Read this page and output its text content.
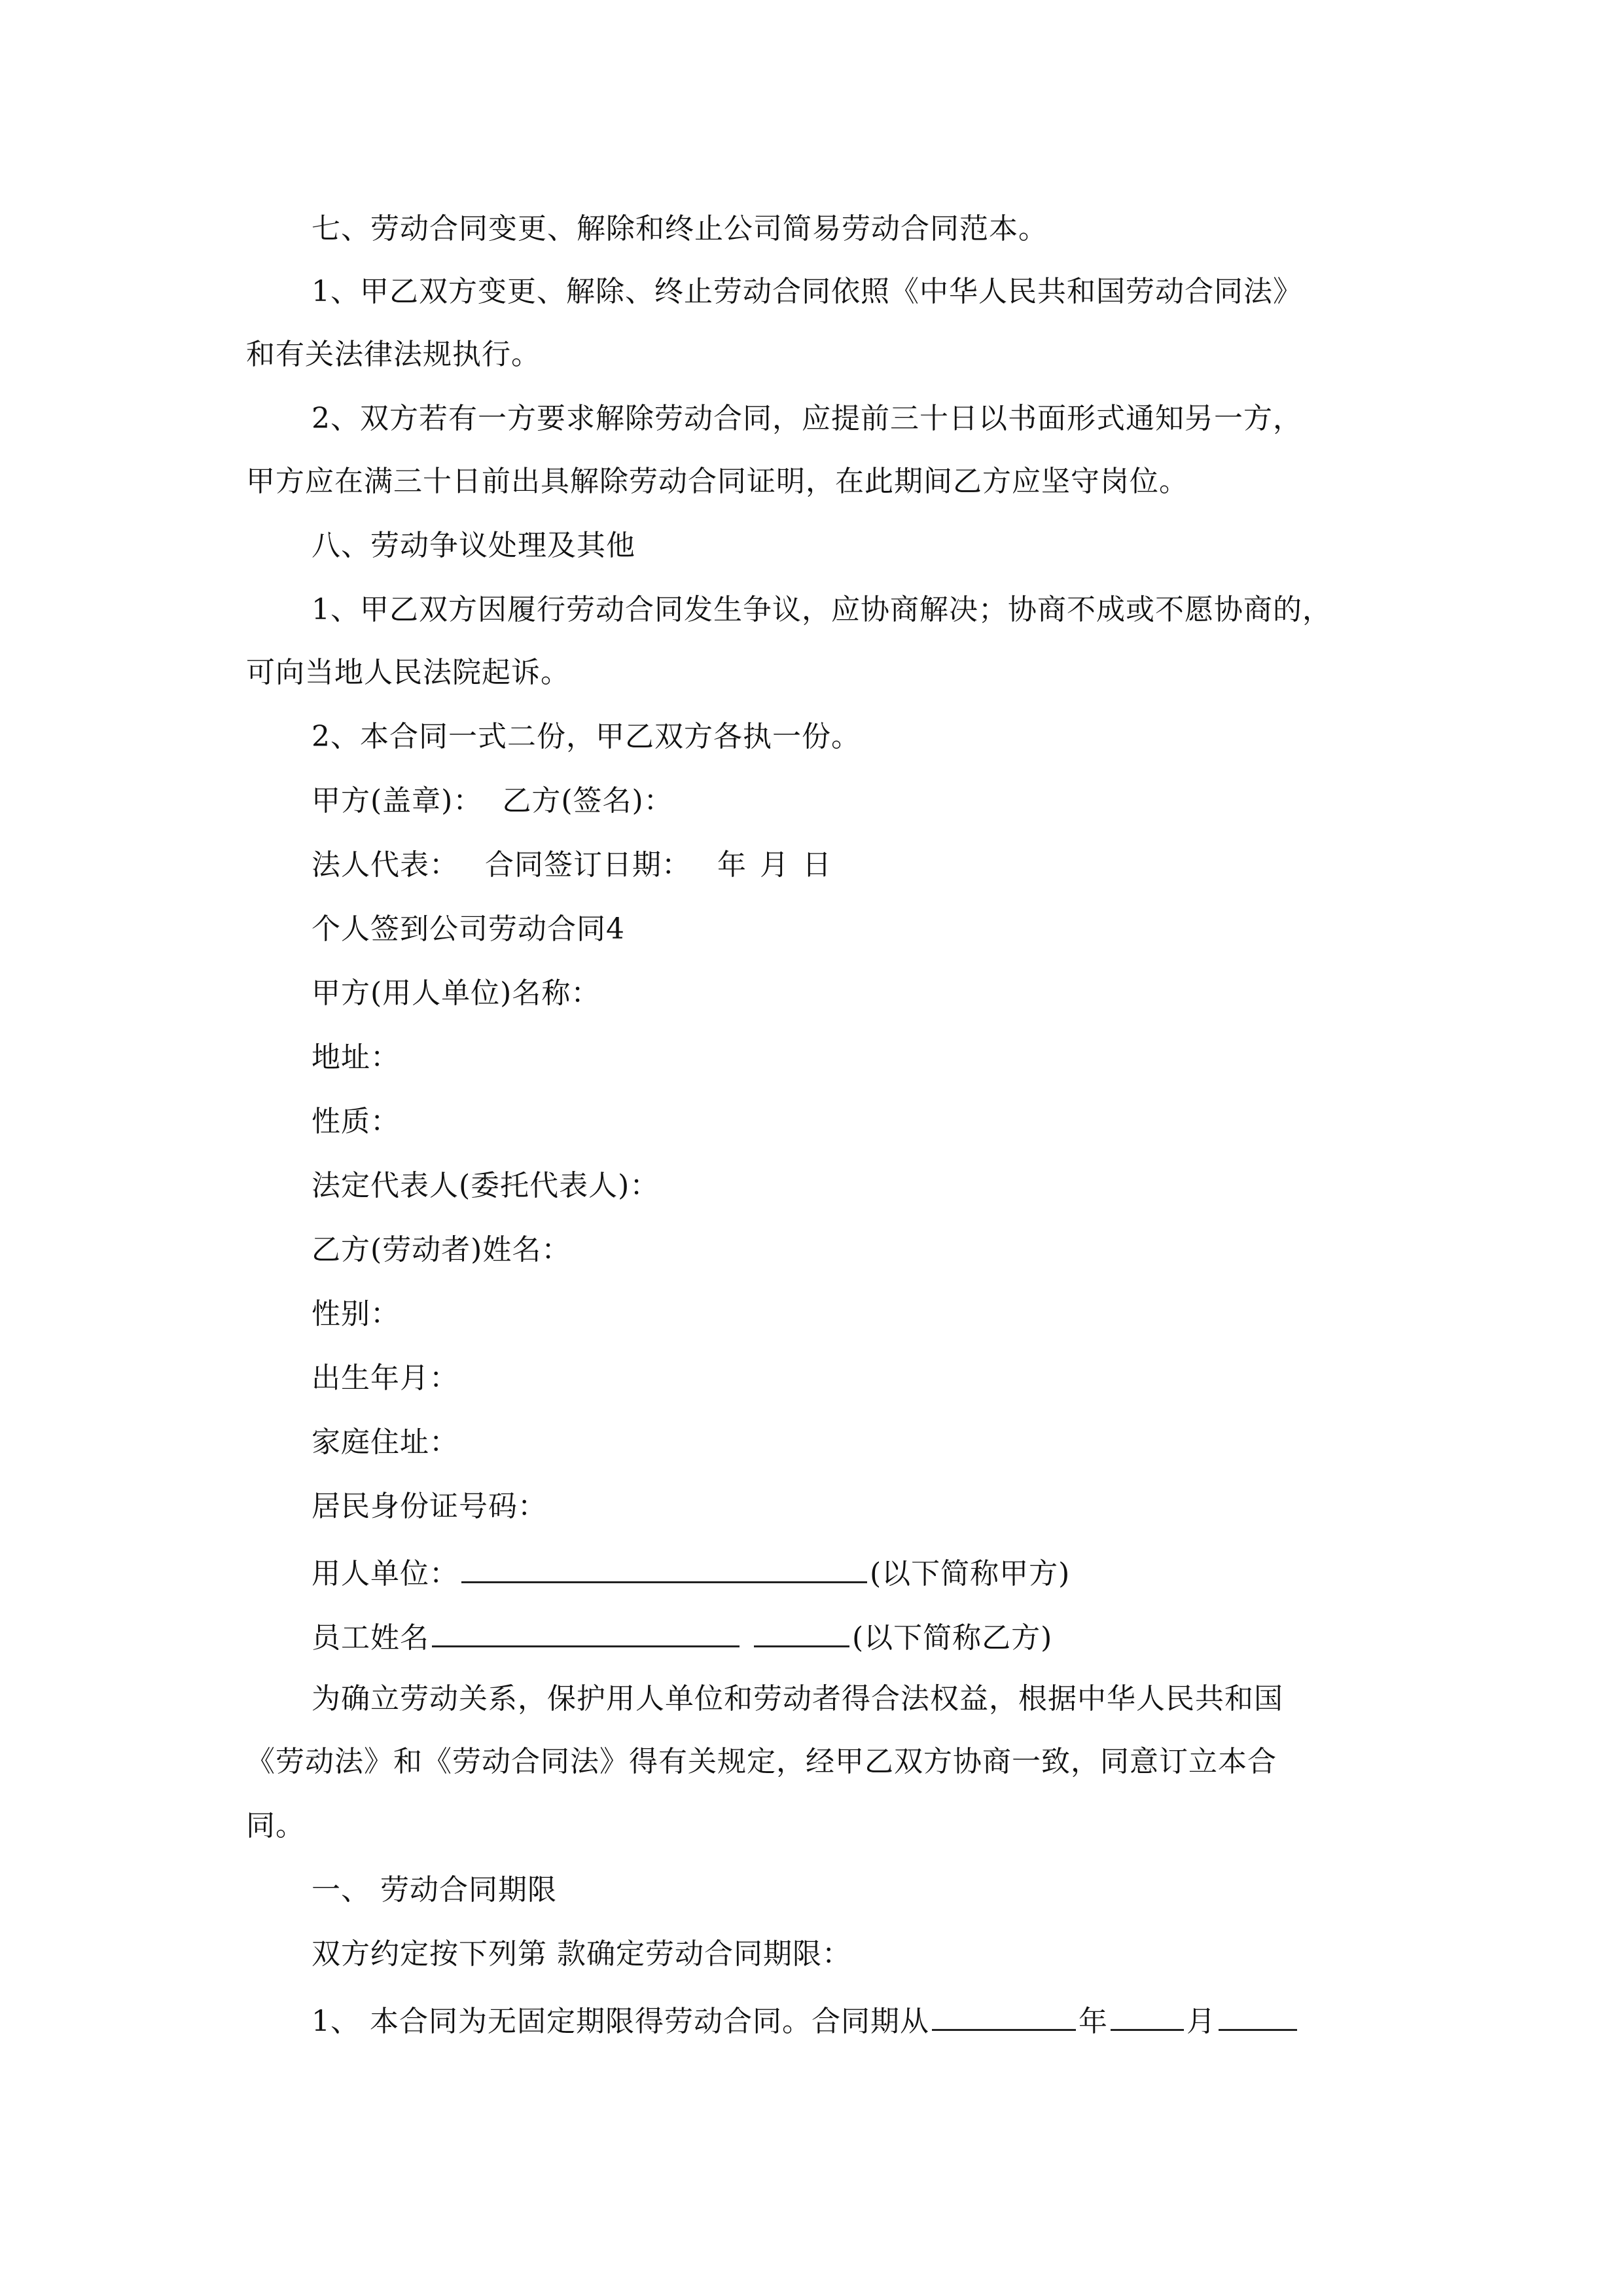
七、劳动合同变更、解除和终止公司简易劳动合同范本。
1、甲乙双方变更、解除、终止劳动合同依照《中华人民共和国劳动合同法》
和有关法律法规执行。
2、双方若有一方要求解除劳动合同，应提前三十日以书面形式通知另一方，
甲方应在满三十日前出具解除劳动合同证明，在此期间乙方应坚守岗位。
八、劳动争议处理及其他
1、甲乙双方因履行劳动合同发生争议，应协商解决；协商不成或不愿协商的，
可向当地人民法院起诉。
2、本合同一式二份，甲乙双方各执一份。
甲方(盖章)： 乙方(签名)：
法人代表： 合同签订日期： 年 月 日
个人签到公司劳动合同4
甲方(用人单位)名称：
地址：
性质：
法定代表人(委托代表人)：
乙方(劳动者)姓名：
性别：
出生年月：
家庭住址：
居民身份证号码：
用人单位：	(以下简称甲方)
员工姓名	(以下简称乙方)
为确立劳动关系，保护用人单位和劳动者得合法权益，根据中华人民共和国
《劳动法》和《劳动合同法》得有关规定，经甲乙双方协商一致，同意订立本合
同。
一、 劳动合同期限
双方约定按下列第 款确定劳动合同期限：
1、 本合同为无固定期限得劳动合同。合同期从	年	月
